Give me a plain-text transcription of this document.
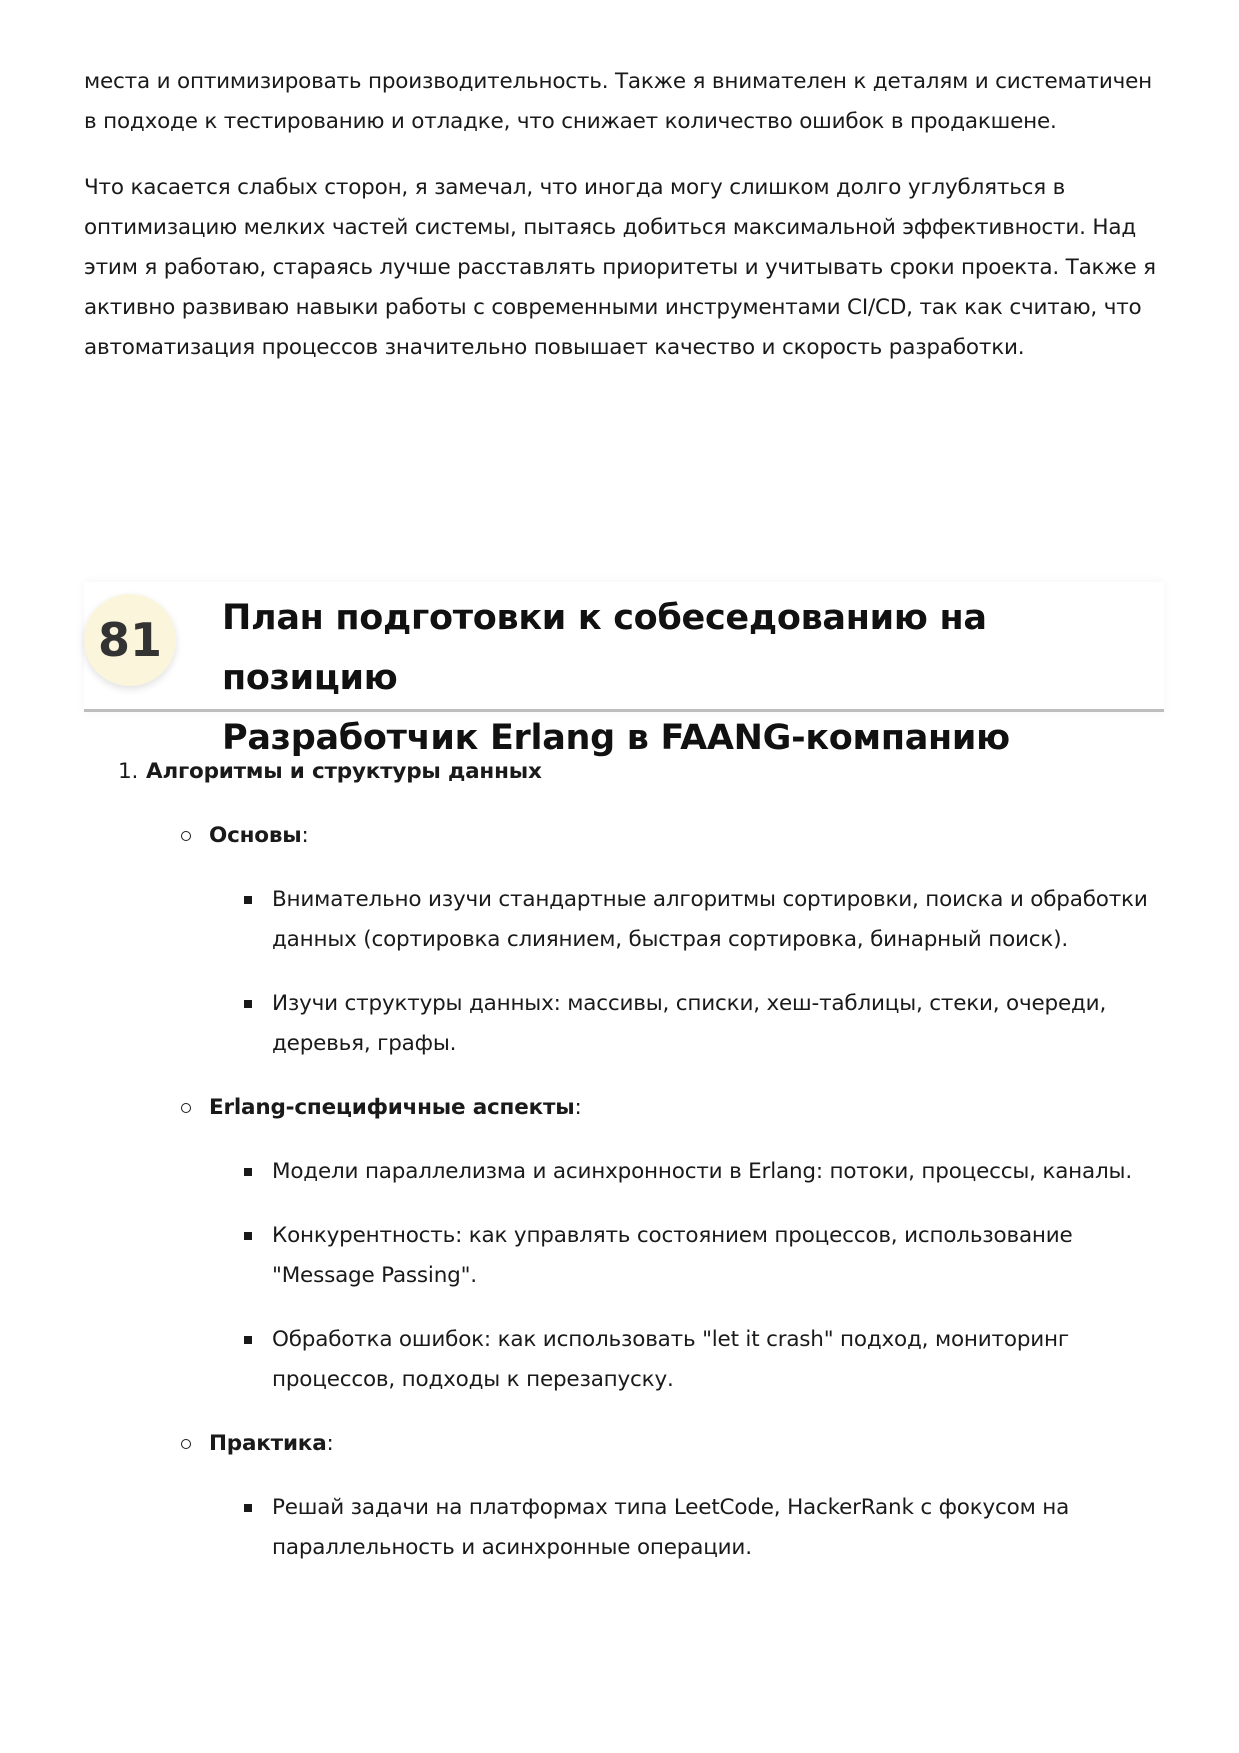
места и оптимизировать производительность. Также я внимателен к деталям и систематичен в подходе к тестированию и отладке, что снижает количество ошибок в продакшене.

Что касается слабых сторон, я замечал, что иногда могу слишком долго углубляться в оптимизацию мелких частей системы, пытаясь добиться максимальной эффективности. Над этим я работаю, стараясь лучше расставлять приоритеты и учитывать сроки проекта. Также я активно развиваю навыки работы с современными инструментами CI/CD, так как считаю, что автоматизация процессов значительно повышает качество и скорость разработки.

81	План подготовки к собеседованию на позицию
Разработчик Erlang в FAANG-компанию
1. Алгоритмы и структуры данных
Основы:
Внимательно изучи стандартные алгоритмы сортировки, поиска и обработки данных (сортировка слиянием, быстрая сортировка, бинарный поиск).
Изучи структуры данных: массивы, списки, хеш-таблицы, стеки, очереди, деревья, графы.
Erlang-специфичные аспекты:
Модели параллелизма и асинхронности в Erlang: потоки, процессы, каналы.
Конкурентность: как управлять состоянием процессов, использование "Message Passing".
Обработка ошибок: как использовать "let it crash" подход, мониторинг процессов, подходы к перезапуску.
Практика:
Решай задачи на платформах типа LeetCode, HackerRank с фокусом на параллельность и асинхронные операции.
